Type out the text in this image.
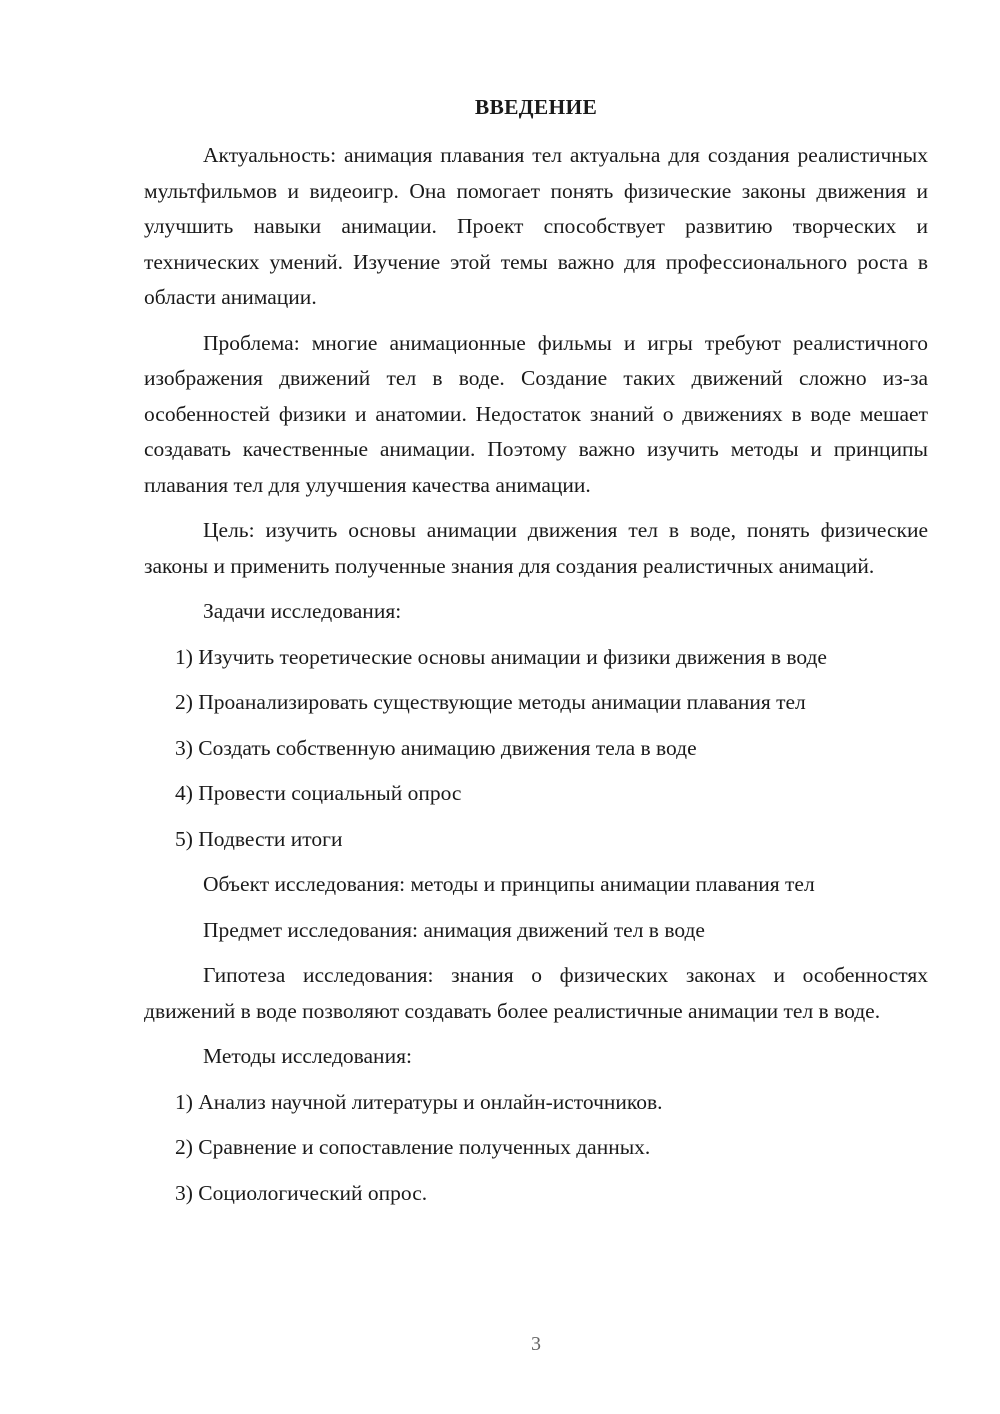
ВВЕДЕНИЕ

Актуальность: анимация плавания тел актуальна для создания реалистичных мультфильмов и видеоигр. Она помогает понять физические законы движения и улучшить навыки анимации. Проект способствует развитию творческих и технических умений. Изучение этой темы важно для профессионального роста в области анимации.

Проблема: многие анимационные фильмы и игры требуют реалистичного изображения движений тел в воде. Создание таких движений сложно из-за особенностей физики и анатомии. Недостаток знаний о движениях в воде мешает создавать качественные анимации. Поэтому важно изучить методы и принципы плавания тел для улучшения качества анимации.

Цель: изучить основы анимации движения тел в воде, понять физические законы и применить полученные знания для создания реалистичных анимаций.

Задачи исследования:

1) Изучить теоретические основы анимации и физики движения в воде
2) Проанализировать существующие методы анимации плавания тел
3) Создать собственную анимацию движения тела в воде
4) Провести социальный опрос
5) Подвести итоги

Объект исследования: методы и принципы анимации плавания тел

Предмет исследования: анимация движений тел в воде

Гипотеза исследования: знания о физических законах и особенностях движений в воде позволяют создавать более реалистичные анимации тел в воде.

Методы исследования:

1) Анализ научной литературы и онлайн-источников.
2) Сравнение и сопоставление полученных данных.
3) Социологический опрос.
3
